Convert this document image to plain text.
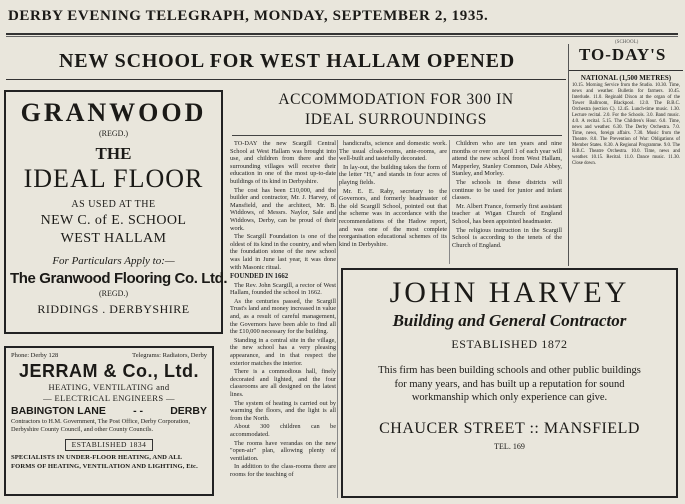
DERBY EVENING TELEGRAPH, MONDAY, SEPTEMBER 2, 1935.
(SCHOOL)
NEW SCHOOL FOR WEST HALLAM OPENED
GRANWOOD
(REGD.)
THE
IDEAL FLOOR
AS USED AT THE
NEW C. of E. SCHOOL
WEST HALLAM
For Particulars Apply to:—
The Granwood Flooring Co. Ltd.
(REGD.)
RIDDINGS . DERBYSHIRE
Phone: Derby 128	Telegrams: Radiators, Derby
JERRAM & Co., Ltd.
HEATING, VENTILATING and
— ELECTRICAL ENGINEERS —
BABINGTON LANE	- -	DERBY
Contractors to H.M. Government, The Post Office, Derby Corporation, Derbyshire County Council, and other County Councils.
ESTABLISHED 1834
SPECIALISTS IN UNDER-FLOOR HEATING, AND ALL FORMS OF HEATING, VENTILATION AND LIGHTING, Etc.
ACCOMMODATION FOR 300 IN
IDEAL SURROUNDINGS

TO-DAY the new Scargill Central School at West Hallam was brought into use, and children from there and the surrounding villages will receive their education in one of the most up-to-date buildings of its kind in Derbyshire.

The cost has been £10,000, and the builder and contractor, Mr. J. Harvey, of Mansfield, and the architect, Mr. B. Widdows, of Messrs. Naylor, Sale and Widdows, Derby, can be proud of their work.

The Scargill Foundation is one of the oldest of its kind in the country, and when the foundation stone of the new school was laid in June last year, it was done with Masonic ritual.

FOUNDED IN 1662

The Rev. John Scargill, a rector of West Hallam, founded the school in 1662.

As the centuries passed, the Scargill Trust's land and money increased in value and, as a result of careful management, the Governors have been able to find all the £10,000 necessary for the building.

Standing in a central site in the village, the new school has a very pleasing appearance, and in that respect the exterior matches the interior.

There is a commodious hall, finely decorated and lighted, and the four classrooms are all designed on the latest lines.

The system of heating is carried out by warming the floors, and the light is all from the North.

About 300 children can be accommodated.

The rooms have verandas on the new "open-air" plan, allowing plenty of ventilation.

In addition to the class-rooms there are rooms for the teaching of

handicrafts, science and domestic work. The usual cloak-rooms, ante-rooms, are well-built and tastefully decorated.

In lay-out, the building takes the form of the letter "H," and stands in four acres of playing fields.

Mr. E. E. Raby, secretary to the Governors, and formerly headmaster of the old Scargill School, pointed out that the scheme was in accordance with the recommendations of the Hadow report, and was one of the most complete reorganisation educational schemes of its kind in Derbyshire.

Children who are ten years and nine months or over on April 1 of each year will attend the new school from West Hallam, Mapperley, Stanley Common, Dale Abbey, Stanley, and Morley.

The schools in these districts will continue to be used for junior and infant classes.

Mr. Albert France, formerly first assistant teacher at Wigan Church of England School, has been appointed headmaster.

The religious instruction in the Scargill School is according to the tenets of the Church of England.

JOHN HARVEY
Building and General Contractor
ESTABLISHED 1872
This firm has been building schools and other public buildings for many years, and has built up a reputation for sound workmanship which only experience can give.
CHAUCER STREET :: MANSFIELD
TEL. 169
TO-DAY'S
NATIONAL (1,500 METRES)
10.15. Morning Service from the Studio. 10.30. Time, news and weather. Bulletin for farmers. 10.45. Interlude. 11.0. Reginald Dixon at the organ of the Tower Ballroom, Blackpool. 12.0. The B.B.C. Orchestra (section C). 12.45. Lunch-time music. 1.30. Lecture recital. 2.0. For the Schools. 3.0. Band music. 4.0. A recital. 5.15. The Children's Hour. 6.0. Time, news and weather. 6.30. The Derby Orchestra. 7.0. Time, news, foreign affairs. 7.30. Music from the Theatre. 8.0. The Prevention of War: Obligations of Member States. 8.30. A Regional Programme. 9.0. The B.B.C. Theatre Orchestra. 10.0. Time, news and weather. 10.15. Recital. 11.0. Dance music. 11.30. Close down.
